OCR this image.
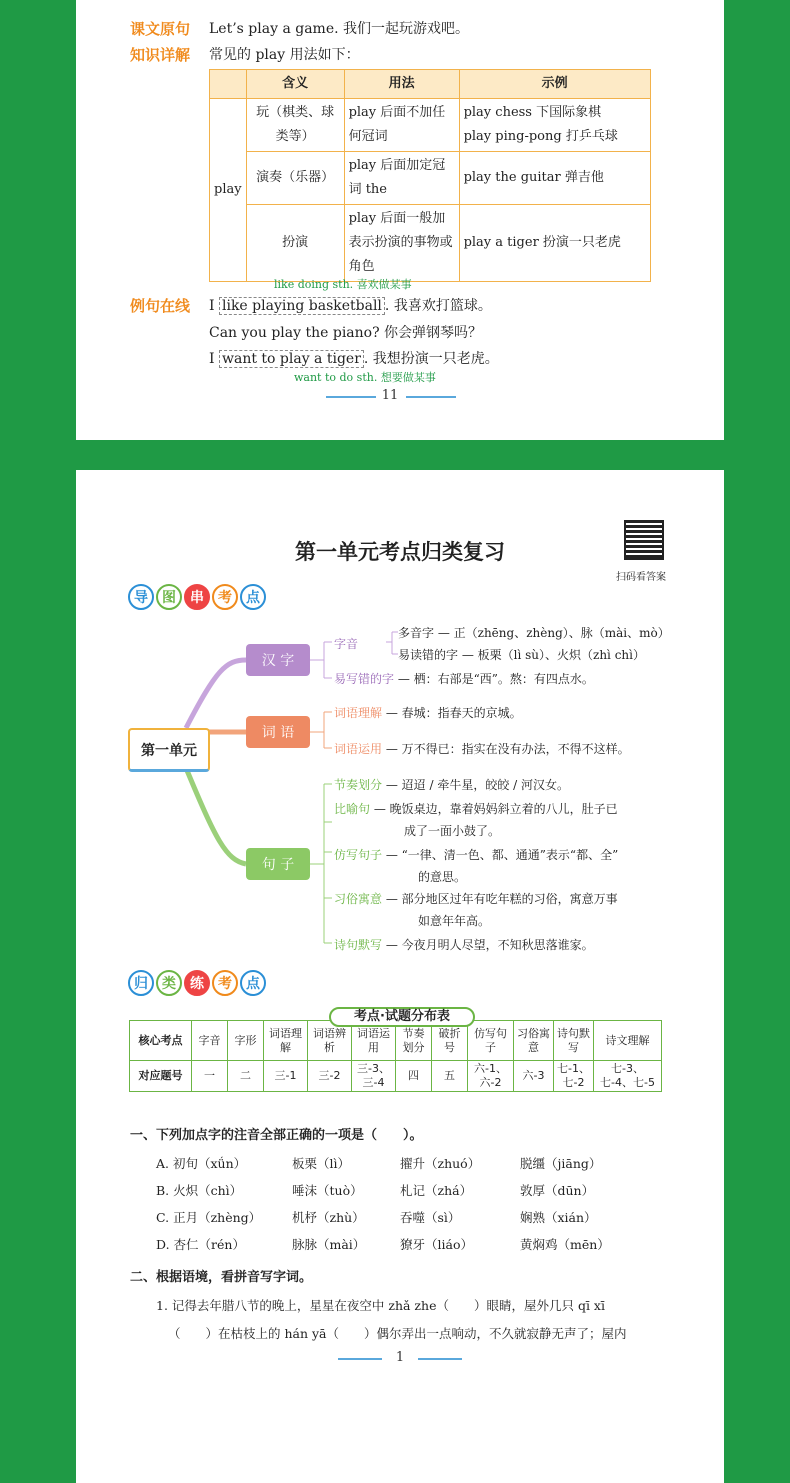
课文原句 Let’s play a game. 我们一起玩游戏吧。
知识详解 常见的 play 用法如下：
	含义	用法	示例
play	玩（棋类、球类等）	play 后面不加任何冠词	play chess 下国际象棋
play ping-pong 打乒乓球
	演奏（乐器）	play 后面加定冠词 the	play the guitar 弹吉他
	扮演	play 后面一般加表示扮演的事物或角色	play a tiger 扮演一只老虎
like doing sth. 喜欢做某事
例句在线 I like playing basketball . 我喜欢打篮球。
Can you play the piano? 你会弹钢琴吗？
I want to play a tiger . 我想扮演一只老虎。
want to do sth. 想要做某事
11
第一单元考点归类复习
扫码看答案
导	图	串	考	点
第一单元
汉 字
词 语
句 子
字音
多音字 — 正（zhēng、zhèng）、脉（mài、mò）
易读错的字 — 板栗（lì sù）、火炽（zhì chì）
易写错的字 — 栖：右部是“西”。熬：有四点水。
词语理解 — 春城：指春天的京城。
词语运用 — 万不得已：指实在没有办法，不得不这样。
节奏划分 — 迢迢 / 牵牛星，皎皎 / 河汉女。
比喻句 — 晚饭桌边，靠着妈妈斜立着的八儿，肚子已
成了一面小鼓了。
仿写句子 — “一律、清一色、都、通通”表示“都、全”
的意思。
习俗寓意 — 部分地区过年有吃年糕的习俗，寓意万事
如意年年高。
诗句默写 — 今夜月明人尽望，不知秋思落谁家。
归	类	练	考	点
核心考点	字音	字形	词语理解	词语辨析	词语运用	节奏划分	破折号	仿写句子	习俗寓意	诗句默写	诗文理解
对应题号	一	二	三-1	三-2	三-3、三-4	四	五	六-1、六-2	六-3	七-1、七-2	七-3、七-4、七-5
考点·试题分布表
一、下列加点字的注音全部正确的一项是（　　）。
A. 初旬（xǘn）	板栗（lì）	擢升（zhuó）	脱缰（jiāng）
B. 火炽（chì）	唾沫（tuò）	札记（zhá）	敦厚（dūn）
C. 正月（zhèng） 机杼（zhù）	吞噬（sì）	娴熟（xián）
D. 杏仁（rén）	脉脉（mài）	獠牙（liáo）	黄焖鸡（mēn）
二、根据语境，看拼音写字词。
1. 记得去年腊八节的晚上，星星在夜空中 zhǎ zhe（　　）眼睛，屋外几只 qī xī
（　　）在枯枝上的 hán yā（　　）偶尔弄出一点响动，不久就寂静无声了；屋内
1
